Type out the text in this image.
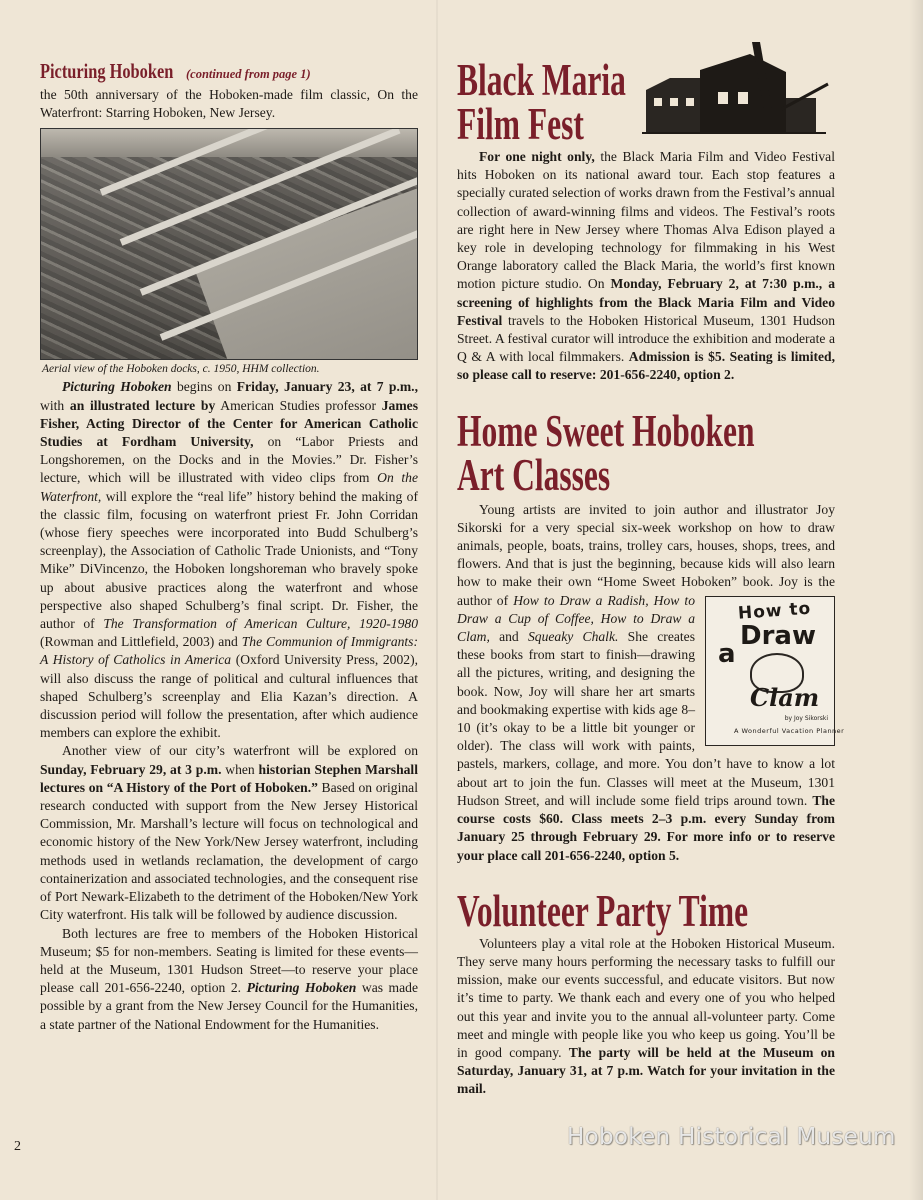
Picturing Hoboken (continued from page 1)

the 50th anniversary of the Hoboken-made film classic, On the Waterfront: Starring Hoboken, New Jersey.

Aerial view of the Hoboken docks, c. 1950, HHM collection.

Picturing Hoboken begins on Friday, January 23, at 7 p.m., with an illustrated lecture by American Studies professor James Fisher, Acting Director of the Center for American Catholic Studies at Fordham University, on “Labor Priests and Longshoremen, on the Docks and in the Movies.” Dr. Fisher’s lecture, which will be illustrated with video clips from On the Waterfront, will explore the “real life” history behind the making of the classic film, focusing on waterfront priest Fr. John Corridan (whose fiery speeches were incorporated into Budd Schulberg’s screenplay), the Association of Catholic Trade Unionists, and “Tony Mike” DiVincenzo, the Hoboken longshoreman who bravely spoke up about abusive practices along the waterfront and whose perspective also shaped Schulberg’s final script. Dr. Fisher, the author of The Transformation of American Culture, 1920-1980 (Rowman and Littlefield, 2003) and The Communion of Immigrants: A History of Catholics in America (Oxford University Press, 2002), will also discuss the range of political and cultural influences that shaped Schulberg’s screenplay and Elia Kazan’s direction. A discussion period will follow the presentation, after which audience members can explore the exhibit.

Another view of our city’s waterfront will be explored on Sunday, February 29, at 3 p.m. when historian Stephen Marshall lectures on “A History of the Port of Hoboken.” Based on original research conducted with support from the New Jersey Historical Commission, Mr. Marshall’s lecture will focus on technological and economic history of the New York/New Jersey waterfront, including methods used in wetlands reclamation, the development of cargo containerization and associated technologies, and the consequent rise of Port Newark-Elizabeth to the detriment of the Hoboken/New York City waterfront. His talk will be followed by audience discussion.

Both lectures are free to members of the Hoboken Historical Museum; $5 for non-members. Seating is limited for these events—held at the Museum, 1301 Hudson Street—to reserve your place please call 201-656-2240, option 2. Picturing Hoboken was made possible by a grant from the New Jersey Council for the Humanities, a state partner of the National Endowment for the Humanities.

Black Maria
Film Fest

For one night only, the Black Maria Film and Video Festival hits Hoboken on its national award tour. Each stop features a specially curated selection of works drawn from the Festival’s annual collection of award-winning films and videos. The Festival’s roots are right here in New Jersey where Thomas Alva Edison played a key role in developing technology for filmmaking in his West Orange laboratory called the Black Maria, the world’s first known motion picture studio. On Monday, February 2, at 7:30 p.m., a screening of highlights from the Black Maria Film and Video Festival travels to the Hoboken Historical Museum, 1301 Hudson Street. A festival curator will introduce the exhibition and moderate a Q & A with local filmmakers. Admission is $5. Seating is limited, so please call to reserve: 201-656-2240, option 2.

Home Sweet Hoboken
Art Classes

Young artists are invited to join author and illustrator Joy Sikorski for a very special six-week workshop on how to draw animals, people, boats, trains, trolley cars, houses, shops, trees, and flowers. And that is just the beginning, because kids will also learn how to make their own “Home Sweet Hoboken” book. Joy is the author of	How to
Draw a
Clam
by Joy Sikorski
A Wonderful Vacation Planner
How to Draw a Radish, How to Draw a Cup of Coffee, How to Draw a Clam, and Squeaky Chalk. She creates these books from start to finish—drawing all the pictures, writing, and designing the book. Now, Joy will share her art smarts and bookmaking expertise with kids age 8–10 (it’s okay to be a little bit younger or older). The class will work with paints, pastels, markers, collage, and more. You don’t have to know a lot about art to join the fun. Classes will meet at the Museum, 1301 Hudson Street, and will include some field trips around town. The course costs $60. Class meets 2–3 p.m. every Sunday from January 25 through February 29. For more info or to reserve your place call 201-656-2240, option 5.

Volunteer Party Time

Volunteers play a vital role at the Hoboken Historical Museum. They serve many hours performing the necessary tasks to fulfill our mission, make our events successful, and educate visitors. But now it’s time to party. We thank each and every one of you who helped out this year and invite you to the annual all-volunteer party. Come meet and mingle with people like you who keep us going. You’ll be in good company. The party will be held at the Museum on Saturday, January 31, at 7 p.m. Watch for your invitation in the mail.

2	Hoboken Historical Museum
